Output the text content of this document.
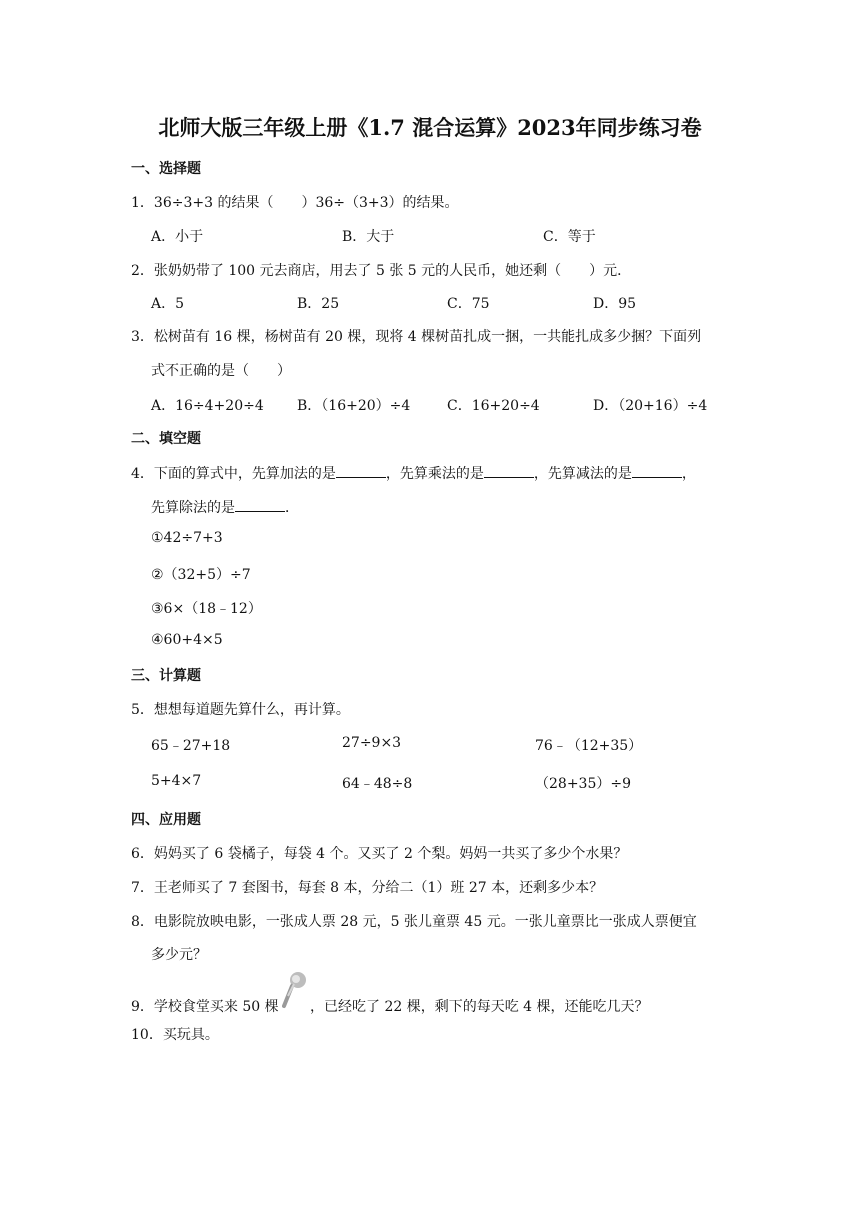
北师大版三年级上册《1.7 混合运算》2023年同步练习卷
一、选择题
1．36÷3+3 的结果（　　）36÷（3+3）的结果。
A．小于	B．大于	C．等于
2．张奶奶带了 100 元去商店，用去了 5 张 5 元的人民币，她还剩（　　）元．
A．5	B．25	C．75	D．95
3．松树苗有 16 棵，杨树苗有 20 棵，现将 4 棵树苗扎成一捆，一共能扎成多少捆？下面列
式不正确的是（　　）
A．16÷4+20÷4 B．（16+20）÷4	C．16+20÷4	D．（20+16）÷4
二、填空题
4．下面的算式中，先算加法的是	，先算乘法的是	，先算减法的是	，
先算除法的是	．
①42÷7+3
②（32+5）÷7
③6×（18﹣12）
④60+4×5
三、计算题
5．想想每道题先算什么，再计算。
65﹣27+18	27÷9×3	76﹣（12+35）
5+4×7	64﹣48÷8	（28+35）÷9
四、应用题
6．妈妈买了 6 袋橘子，每袋 4 个。又买了 2 个梨。妈妈一共买了多少个水果？
7．王老师买了 7 套图书，每套 8 本，分给二（1）班 27 本，还剩多少本？
8．电影院放映电影，一张成人票 28 元，5 张儿童票 45 元。一张儿童票比一张成人票便宜
多少元？
9．学校食堂买来 50 棵 ，已经吃了 22 棵，剩下的每天吃 4 棵，还能吃几天？
10．买玩具。
